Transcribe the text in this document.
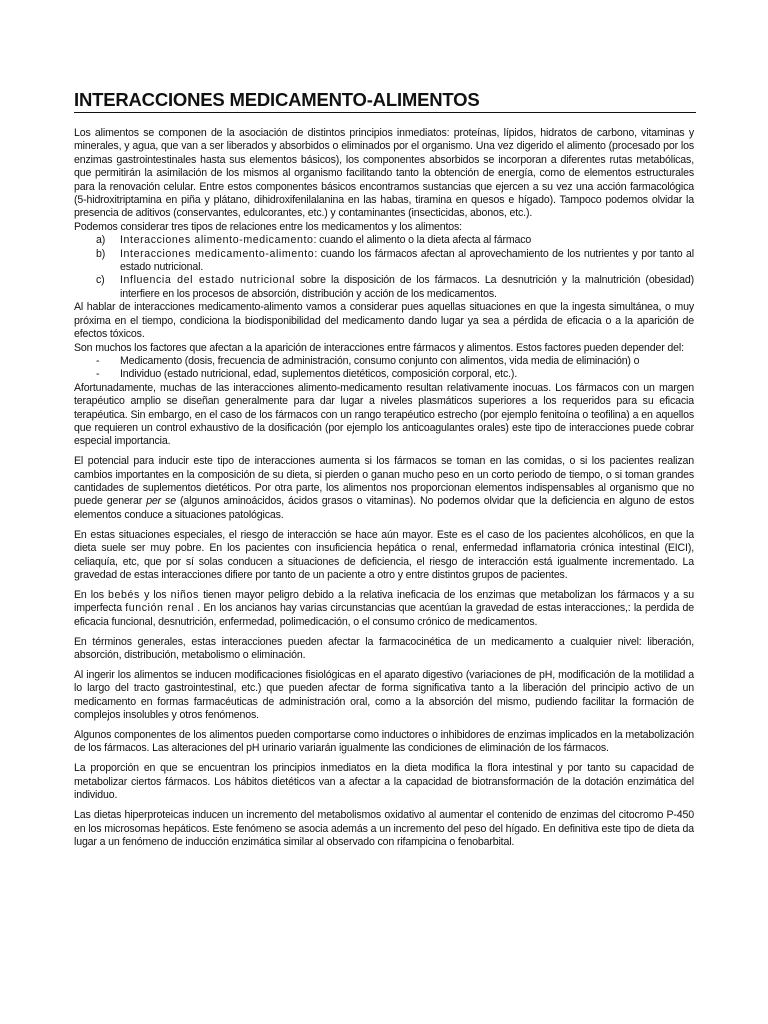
INTERACCIONES MEDICAMENTO-ALIMENTOS

Los alimentos se componen de la asociación de distintos principios inmediatos: proteínas, lípidos, hidratos de carbono, vitaminas y minerales, y agua, que van a ser liberados y absorbidos o eliminados por el organismo. Una vez digerido el alimento (procesado por los enzimas gastrointestinales hasta sus elementos básicos), los componentes absorbidos se incorporan a diferentes rutas metabólicas, que permitirán la asimilación de los mismos al organismo facilitando tanto la obtención de energía, como de elementos estructurales para la renovación celular. Entre estos componentes básicos encontramos sustancias que ejercen a su vez una acción farmacológica (5-hidroxitriptamina en piña y plátano, dihidroxifenilalanina en las habas, tiramina en quesos e hígado). Tampoco podemos olvidar la presencia de aditivos (conservantes, edulcorantes, etc.) y contaminantes (insecticidas, abonos, etc.).

Podemos considerar tres tipos de relaciones entre los medicamentos y los alimentos:

a)	Interacciones alimento-medicamento: cuando el alimento o la dieta afecta al fármaco
b)	Interacciones medicamento-alimento: cuando los fármacos afectan al aprovechamiento de los nutrientes y por tanto al estado nutricional.
c)	Influencia del estado nutricional sobre la disposición de los fármacos. La desnutrición y la malnutrición (obesidad) interfiere en los procesos de absorción, distribución y acción de los medicamentos.

Al hablar de interacciones medicamento-alimento vamos a considerar pues aquellas situaciones en que la ingesta simultánea, o muy próxima en el tiempo, condiciona la biodisponibilidad del medicamento dando lugar ya sea a pérdida de eficacia o a la aparición de efectos tóxicos.

Son muchos los factores que afectan a la aparición de interacciones entre fármacos y alimentos. Estos factores pueden depender del:

-	Medicamento (dosis, frecuencia de administración, consumo conjunto con alimentos, vida media de eliminación) o
-	Individuo (estado nutricional, edad, suplementos dietéticos, composición corporal, etc.).

Afortunadamente, muchas de las interacciones alimento-medicamento resultan relativamente inocuas. Los fármacos con un margen terapéutico amplio se diseñan generalmente para dar lugar a niveles plasmáticos superiores a los requeridos para su eficacia terapéutica. Sin embargo, en el caso de los fármacos con un rango terapéutico estrecho (por ejemplo fenitoína o teofilina) a en aquellos que requieren un control exhaustivo de la dosificación (por ejemplo los anticoagulantes orales) este tipo de interacciones puede cobrar especial importancia.

El potencial para inducir este tipo de interacciones aumenta si los fármacos se toman en las comidas, o si los pacientes realizan cambios importantes en la composición de su dieta, si pierden o ganan mucho peso en un corto periodo de tiempo, o si toman grandes cantidades de suplementos dietéticos. Por otra parte, los alimentos nos proporcionan elementos indispensables al organismo que no puede generar per se (algunos aminoácidos, ácidos grasos o vitaminas). No podemos olvidar que la deficiencia en alguno de estos elementos conduce a situaciones patológicas.

En estas situaciones especiales, el riesgo de interacción se hace aún mayor. Este es el caso de los pacientes alcohólicos, en que la dieta suele ser muy pobre. En los pacientes con insuficiencia hepática o renal, enfermedad inflamatoria crónica intestinal (EICI), celiaquía, etc, que por sí solas conducen a situaciones de deficiencia, el riesgo de interacción está igualmente incrementado. La gravedad de estas interacciones difiere por tanto de un paciente a otro y entre distintos grupos de pacientes.

En los bebés y los niños tienen mayor peligro debido a la relativa ineficacia de los enzimas que metabolizan los fármacos y a su imperfecta función renal . En los ancianos hay varias circunstancias que acentúan la gravedad de estas interacciones,: la perdida de eficacia funcional, desnutrición, enfermedad, polimedicación, o el consumo crónico de medicamentos.

En términos generales, estas interacciones pueden afectar la farmacocinética de un medicamento a cualquier nivel: liberación, absorción, distribución, metabolismo o eliminación.

Al ingerir los alimentos se inducen modificaciones fisiológicas en el aparato digestivo (variaciones de pH, modificación de la motilidad a lo largo del tracto gastrointestinal, etc.) que pueden afectar de forma significativa tanto a la liberación del principio activo de un medicamento en formas farmacéuticas de administración oral, como a la absorción del mismo, pudiendo facilitar la formación de complejos insolubles y otros fenómenos.

Algunos componentes de los alimentos pueden comportarse como inductores o inhibidores de enzimas implicados en la metabolización de los fármacos. Las alteraciones del pH urinario variarán igualmente las condiciones de eliminación de los fármacos.

La proporción en que se encuentran los principios inmediatos en la dieta modifica la flora intestinal y por tanto su capacidad de metabolizar ciertos fármacos. Los hábitos dietéticos van a afectar a la capacidad de biotransformación de la dotación enzimática del individuo.

Las dietas hiperproteicas inducen un incremento del metabolismos oxidativo al aumentar el contenido de enzimas del citocromo P-450 en los microsomas hepáticos. Este fenómeno se asocia además a un incremento del peso del hígado. En definitiva este tipo de dieta da lugar a un fenómeno de inducción enzimática similar al observado con rifampicina o fenobarbital.
